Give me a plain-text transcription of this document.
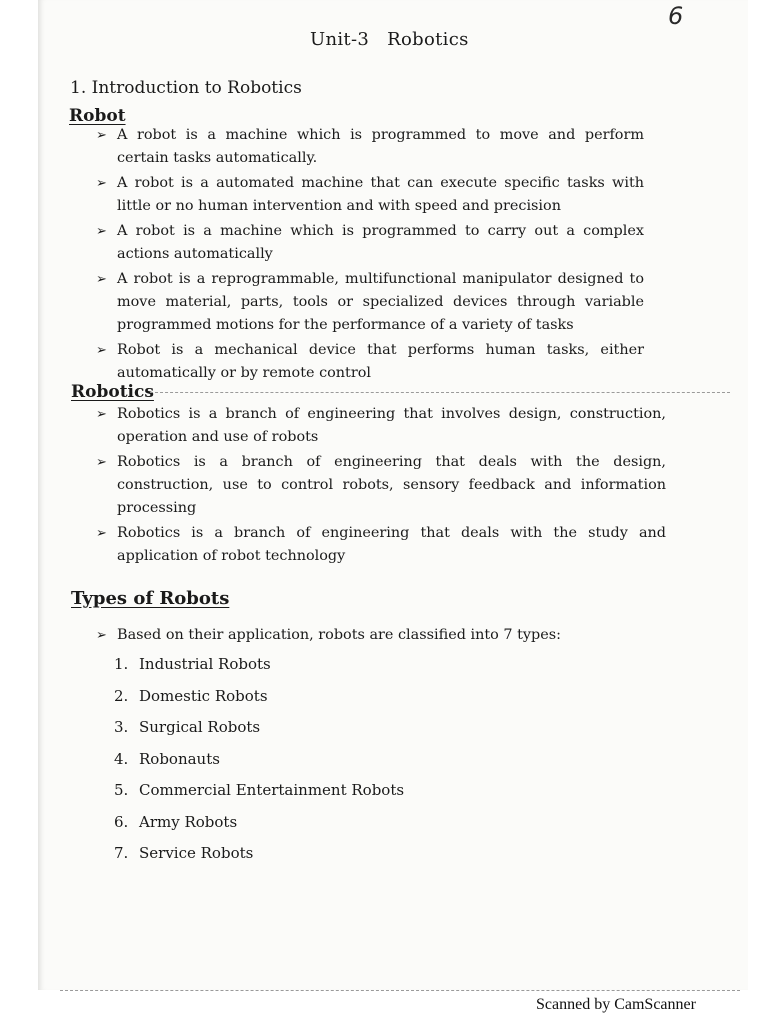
6
Unit-3   Robotics
1. Introduction to Robotics
Robot
➢ A robot is a machine which is programmed to move and perform certain tasks automatically.
➢ A robot is a automated machine that can execute specific tasks with little or no human intervention and with speed and precision
➢ A robot is a machine which is programmed to carry out a complex actions automatically
➢ A robot is a reprogrammable, multifunctional manipulator designed to move material, parts, tools or specialized devices through variable programmed motions for the performance of a variety of tasks
➢ Robot is a mechanical device that performs human tasks, either automatically or by remote control
Robotics
➢ Robotics is a branch of engineering that involves design, construction, operation and use of robots
➢ Robotics is a branch of engineering that deals with the design, construction, use to control robots, sensory feedback and information processing
➢ Robotics is a branch of engineering that deals with the study and application of robot technology
Types of Robots
➢ Based on their application, robots are classified into 7 types:
1. Industrial Robots
2. Domestic Robots
3. Surgical Robots
4. Robonauts
5. Commercial Entertainment Robots
6. Army Robots
7. Service Robots
Scanned by CamScanner
